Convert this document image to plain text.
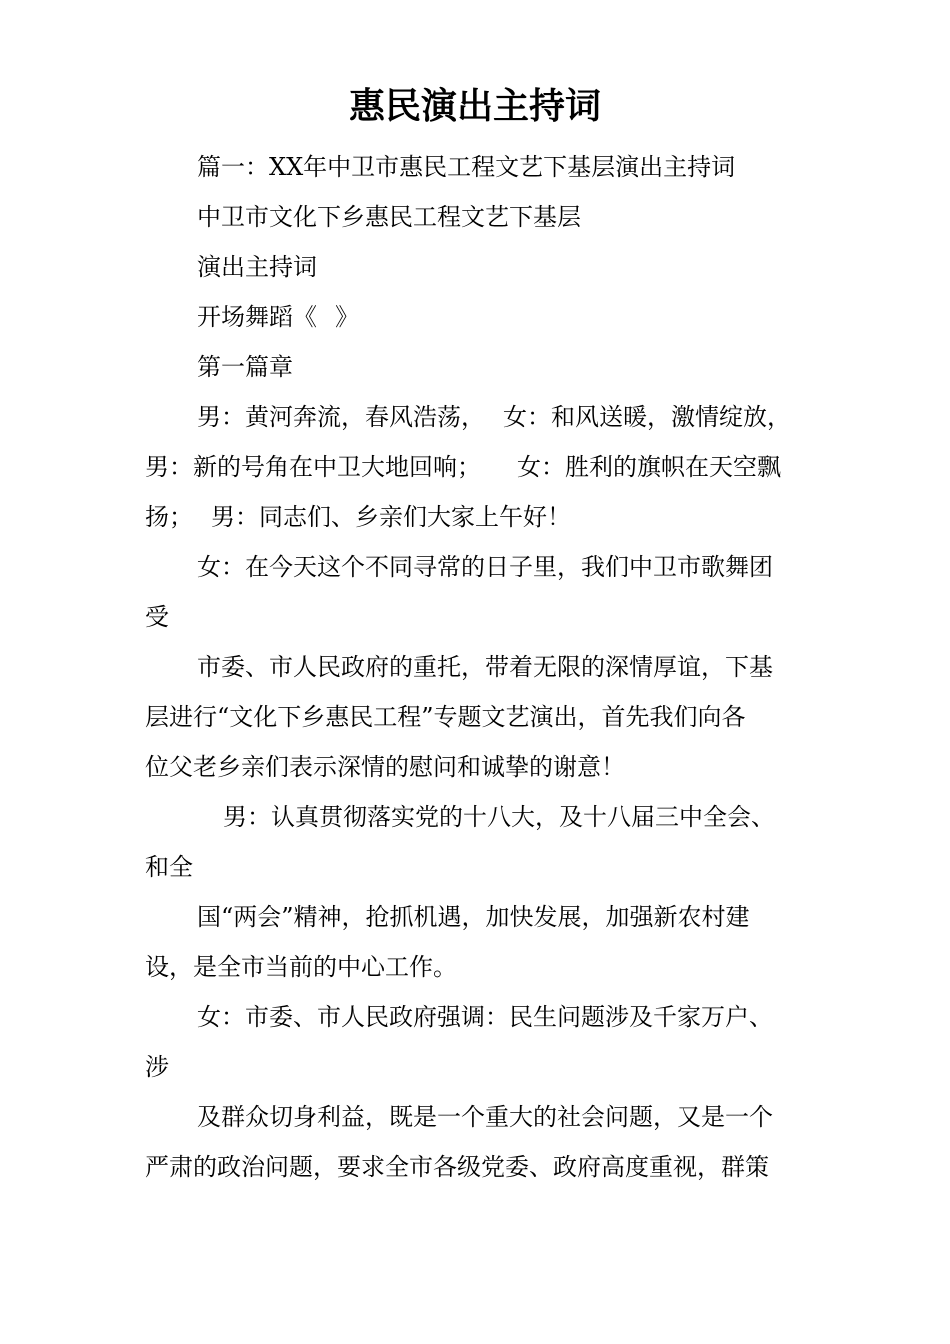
惠民演出主持词

篇一：XX年中卫市惠民工程文艺下基层演出主持词

中卫市文化下乡惠民工程文艺下基层

演出主持词

开场舞蹈《 》

第一篇章

男：黄河奔流，春风浩荡， 女：和风送暖，激情绽放，

男：新的号角在中卫大地回响； 女：胜利的旗帜在天空飘

扬； 男：同志们、乡亲们大家上午好！

女：在今天这个不同寻常的日子里，我们中卫市歌舞团

受

市委、市人民政府的重托，带着无限的深情厚谊，下基

层进行“文化下乡惠民工程”专题文艺演出，首先我们向各

位父老乡亲们表示深情的慰问和诚挚的谢意！

男：认真贯彻落实党的十八大，及十八届三中全会、

和全

国“两会”精神，抢抓机遇，加快发展，加强新农村建

设，是全市当前的中心工作。

女：市委、市人民政府强调：民生问题涉及千家万户、

涉

及群众切身利益，既是一个重大的社会问题，又是一个

严肃的政治问题，要求全市各级党委、政府高度重视，群策
